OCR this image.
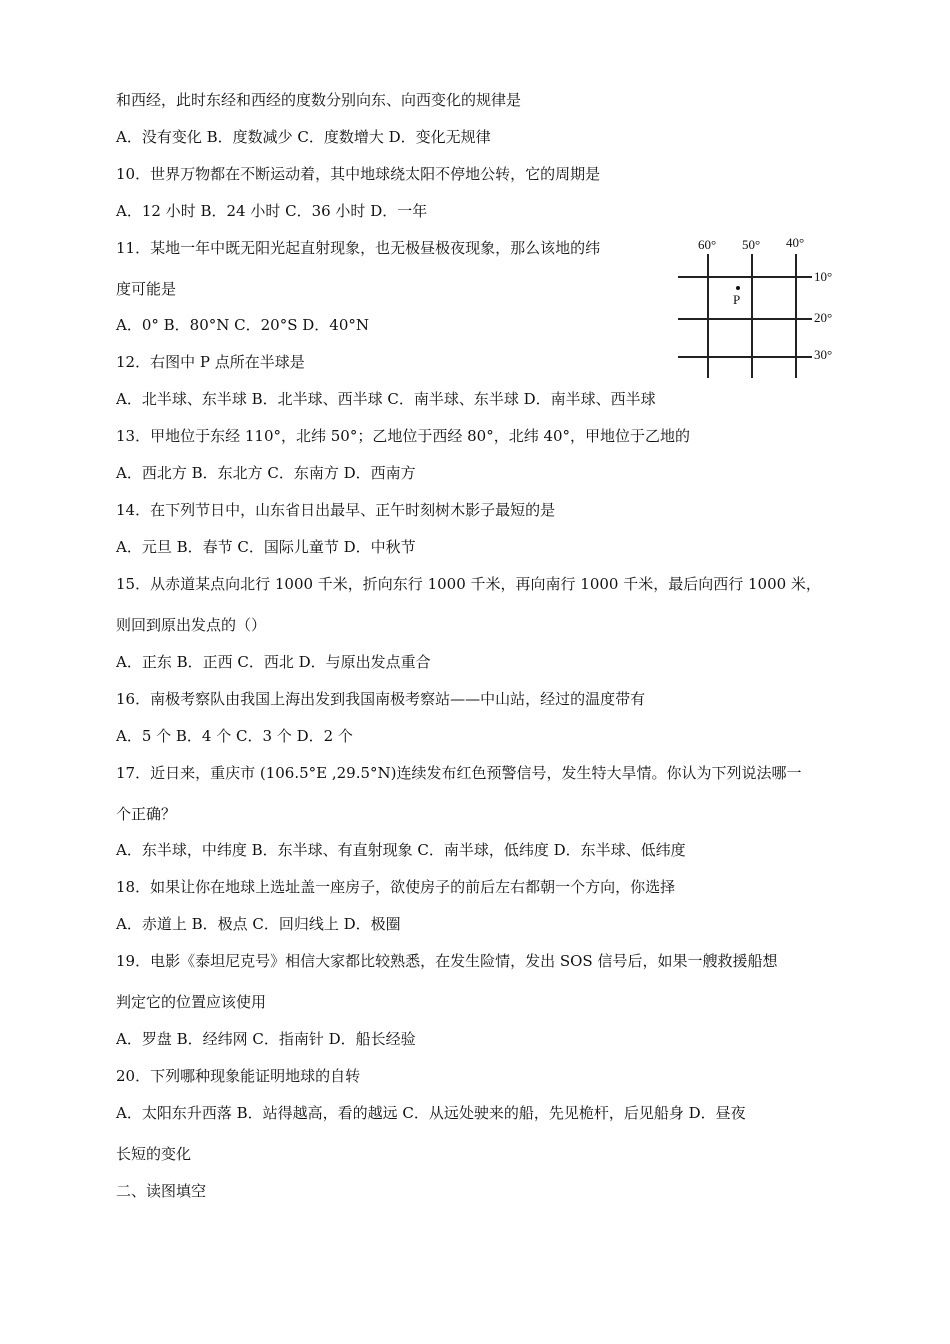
和西经，此时东经和西经的度数分别向东、向西变化的规律是
A．没有变化 B．度数减少 C．度数增大 D．变化无规律
10．世界万物都在不断运动着，其中地球绕太阳不停地公转，它的周期是
A．12 小时 B．24 小时 C．36 小时 D．一年
11．某地一年中既无阳光起直射现象，也无极昼极夜现象，那么该地的纬
度可能是
A．0° B．80°N C．20°S D．40°N
12．右图中 P 点所在半球是
A．北半球、东半球 B．北半球、西半球 C．南半球、东半球 D．南半球、西半球
13．甲地位于东经 110°，北纬 50°；乙地位于西经 80°，北纬 40°，甲地位于乙地的
A．西北方 B．东北方 C．东南方 D．西南方
14．在下列节日中，山东省日出最早、正午时刻树木影子最短的是
A．元旦 B．春节 C．国际儿童节 D．中秋节
15．从赤道某点向北行 1000 千米，折向东行 1000 千米，再向南行 1000 千米，最后向西行 1000 米，
则回到原出发点的（）
A．正东 B．正西 C．西北 D．与原出发点重合
16．南极考察队由我国上海出发到我国南极考察站——中山站，经过的温度带有
A．5 个 B．4 个 C．3 个 D．2 个
17．近日来，重庆市 (106.5°E ,29.5°N)连续发布红色预警信号，发生特大旱情。你认为下列说法哪一
个正确？
A．东半球，中纬度 B．东半球、有直射现象 C．南半球，低纬度 D．东半球、低纬度
18．如果让你在地球上选址盖一座房子，欲使房子的前后左右都朝一个方向，你选择
A．赤道上 B．极点 C．回归线上 D．极圈
19．电影《泰坦尼克号》相信大家都比较熟悉，在发生险情，发出 SOS 信号后，如果一艘救援船想
判定它的位置应该使用
A．罗盘 B．经纬网 C．指南针 D．船长经验
20．下列哪种现象能证明地球的自转
A．太阳东升西落 B．站得越高，看的越远 C．从远处驶来的船，先见桅杆，后见船身 D．昼夜
长短的变化
二、读图填空
60° 50° 40°
10°
20°
30°
P
